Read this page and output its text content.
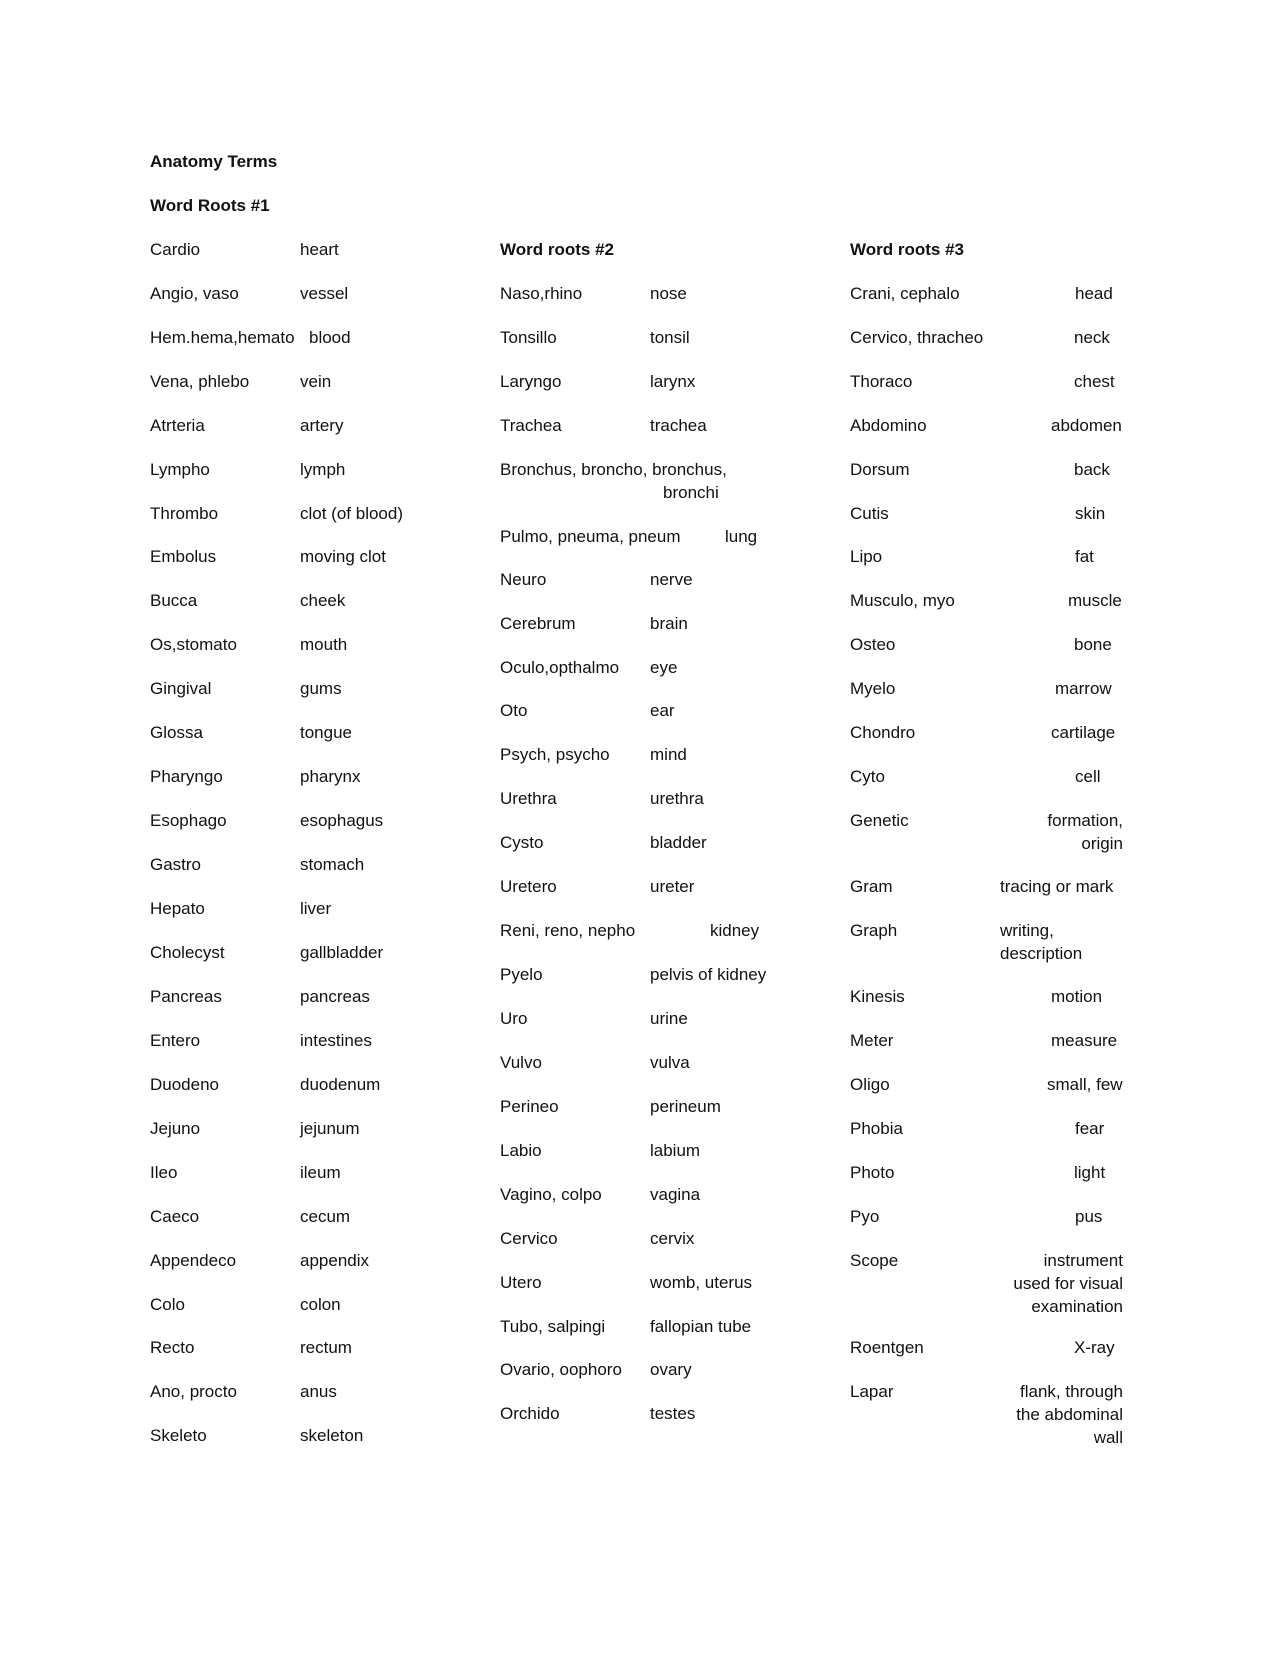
Anatomy Terms
Word Roots #1
Word roots #2	Word roots #3
Cardio	heart
Angio, vaso	vessel
Hem.hema,hemato blood
Vena, phlebo	vein
Atrteria	artery
Lympho	lymph
Thrombo	clot (of blood)
Embolus	moving clot
Bucca	cheek
Os,stomato	mouth
Gingival	gums
Glossa	tongue
Pharyngo	pharynx
Esophago	esophagus
Gastro	stomach
Hepato	liver
Cholecyst	gallbladder
Pancreas	pancreas
Entero	intestines
Duodeno	duodenum
Jejuno	jejunum
Ileo	ileum
Caeco	cecum
Appendeco	appendix
Colo	colon
Recto	rectum
Ano, procto	anus
Skeleto	skeleton
Naso,rhino	nose
Tonsillo	tonsil
Laryngo	larynx
Trachea	trachea
Bronchus, broncho, bronchus,
bronchi
Pulmo, pneuma, pneum	lung
Neuro	nerve
Cerebrum	brain
Oculo,opthalmo eye
Oto	ear
Psych, psycho mind
Urethra	urethra
Cysto	bladder
Uretero	ureter
Reni, reno, nepho	kidney
Pyelo	pelvis of kidney
Uro	urine
Vulvo	vulva
Perineo	perineum
Labio	labium
Vagino, colpo	vagina
Cervico	cervix
Utero	womb, uterus
Tubo, salpingi	fallopian tube
Ovario, oophoro ovary
Orchido	testes
Crani, cephalo	head
Cervico, thracheo	neck
Thoraco	chest
Abdomino	abdomen
Dorsum	back
Cutis	skin
Lipo	fat
Musculo, myo	muscle
Osteo	bone
Myelo	marrow
Chondro	cartilage
Cyto	cell
Genetic	formation, origin
Gram	tracing or mark
Graph	writing, description
Kinesis	motion
Meter	measure
Oligo	small, few
Phobia	fear
Photo	light
Pyo	pus
Scope	instrument used for visual examination
Roentgen	X-ray
Lapar	flank, through the abdominal wall
